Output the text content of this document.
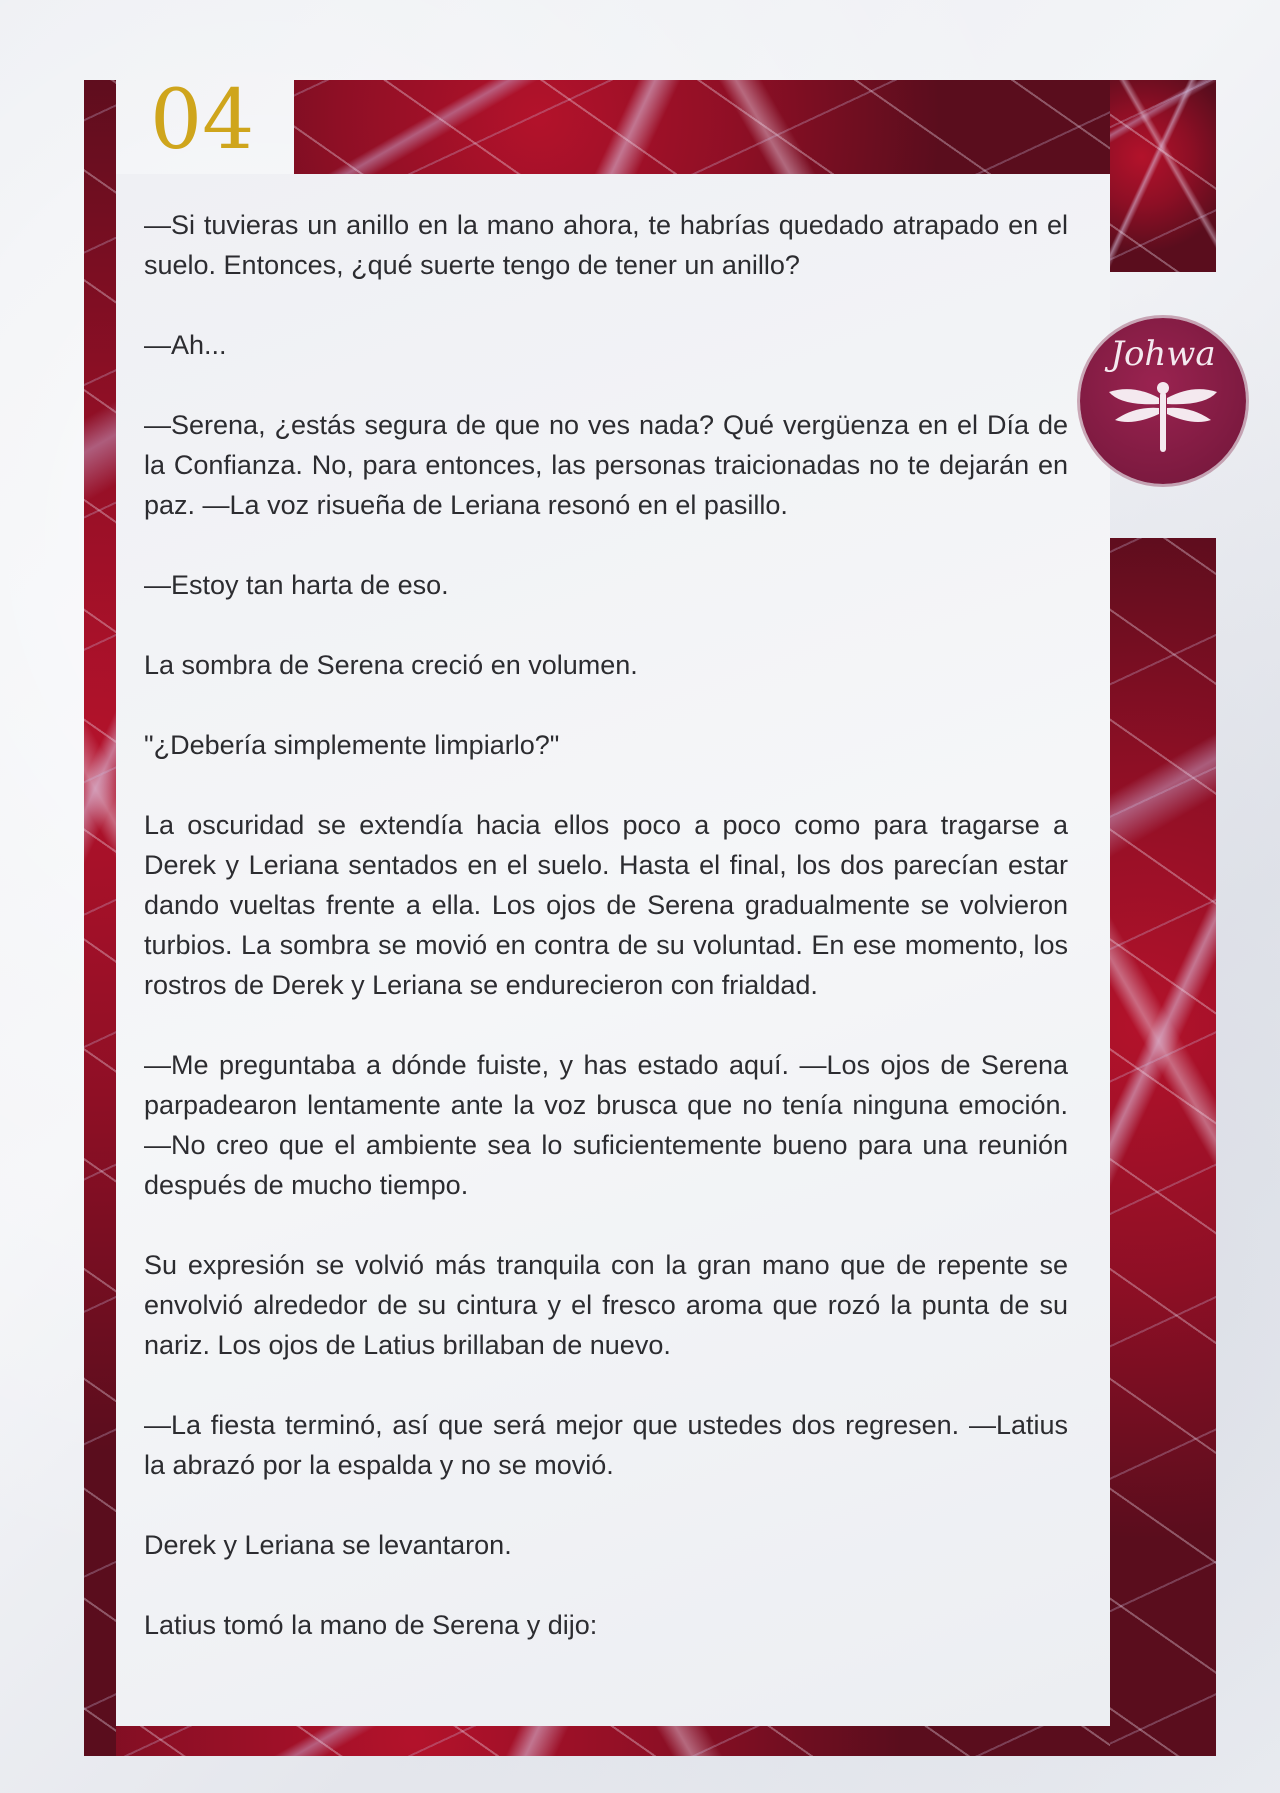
04
Johwa

—Si tuvieras un anillo en la mano ahora, te habrías quedado atrapado en el suelo. Entonces, ¿qué suerte tengo de tener un anillo?

—Ah...

—Serena, ¿estás segura de que no ves nada? Qué vergüenza en el Día de la Confianza. No, para entonces, las personas traicionadas no te dejarán en paz. —La voz risueña de Leriana resonó en el pasillo.

—Estoy tan harta de eso.

La sombra de Serena creció en volumen.

"¿Debería simplemente limpiarlo?"

La oscuridad se extendía hacia ellos poco a poco como para tragarse a Derek y Leriana sentados en el suelo. Hasta el final, los dos parecían estar dando vueltas frente a ella. Los ojos de Serena gradualmente se volvieron turbios. La sombra se movió en contra de su voluntad. En ese momento, los rostros de Derek y Leriana se endurecieron con frialdad.

—Me preguntaba a dónde fuiste, y has estado aquí. —Los ojos de Serena parpadearon lentamente ante la voz brusca que no tenía ninguna emoción. —No creo que el ambiente sea lo suficientemente bueno para una reunión después de mucho tiempo.

Su expresión se volvió más tranquila con la gran mano que de repente se envolvió alrededor de su cintura y el fresco aroma que rozó la punta de su nariz. Los ojos de Latius brillaban de nuevo.

—La fiesta terminó, así que será mejor que ustedes dos regresen. —Latius la abrazó por la espalda y no se movió.

Derek y Leriana se levantaron.

Latius tomó la mano de Serena y dijo:
